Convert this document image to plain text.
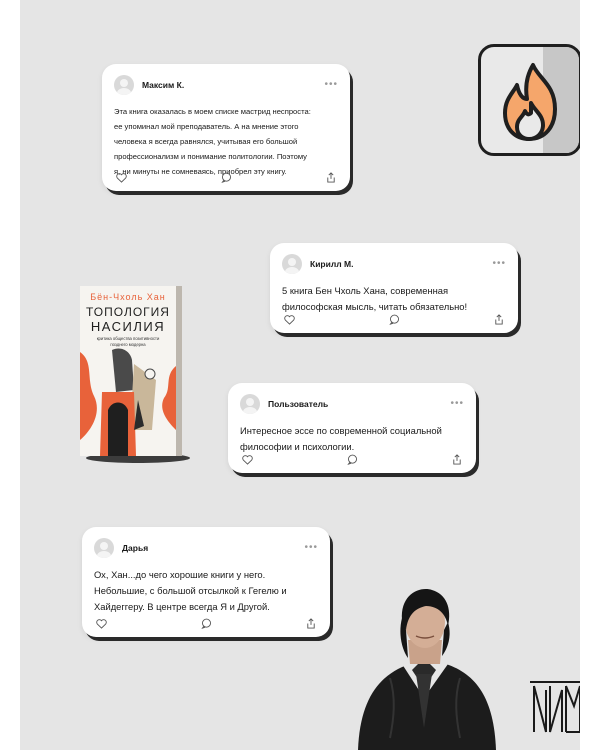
Максим К.	•••
Эта книга оказалась в моем списке мастрид неспроста:
ее упоминал мой преподаватель. А на мнение этого
человека я всегда равнялся, учитывая его большой
профессионализм и понимание политологии. Поэтому
я, ни минуты не сомневаясь, приобрел эту книгу.
Кирилл М.	•••
5 книга Бен Чхоль Хана, современная
философская мысль, читать обязательно!
Бён-Чхоль Хан
ТОПОЛОГИЯ
НАСИЛИЯ
критика общества позитивности
позднего модерна
Пользователь	•••
Интересное эссе по современной социальной
философии и психологии.
Дарья	•••
Ох, Хан...до чего хорошие книги у него.
Небольшие, с большой отсылкой к Гегелю и
Хайдеггеру. В центре всегда Я и Другой.
